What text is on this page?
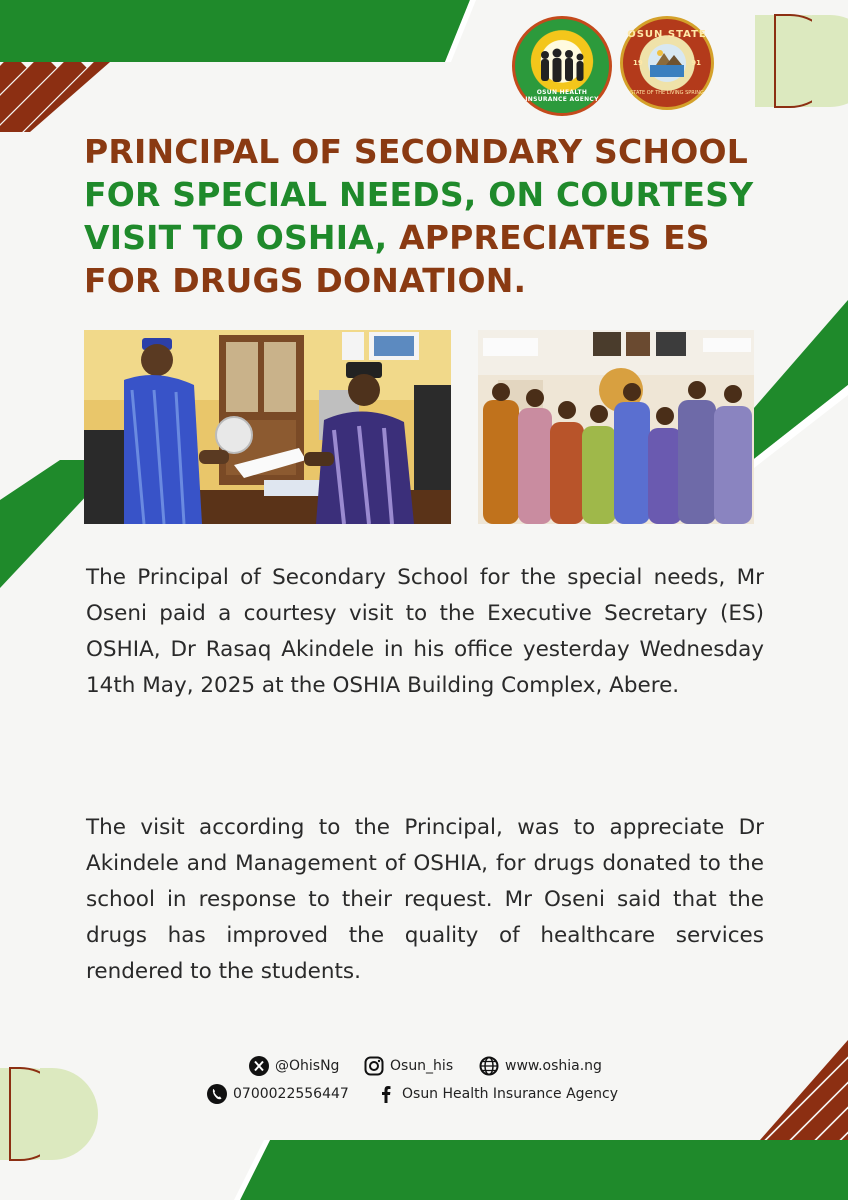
OSUN HEALTH INSURANCE AGENCY
OSUN STATE
19	91
STATE OF THE LIVING SPRING
PRINCIPAL OF SECONDARY SCHOOL
FOR SPECIAL NEEDS, ON COURTESY
VISIT TO OSHIA, APPRECIATES ES
FOR DRUGS DONATION.
The Principal of Secondary School for the special needs, Mr Oseni paid a courtesy visit to the Executive Secretary (ES) OSHIA, Dr Rasaq Akindele in his office yesterday Wednesday 14th May, 2025 at the OSHIA Building Complex, Abere.
The visit according to the Principal, was to appreciate Dr Akindele and Management of OSHIA, for drugs donated to the school in response to their request. Mr Oseni said that the drugs has improved the quality of healthcare services rendered to the students.
@OhisNg	Osun_his	www.oshia.ng
0700022556447	Osun Health Insurance Agency
